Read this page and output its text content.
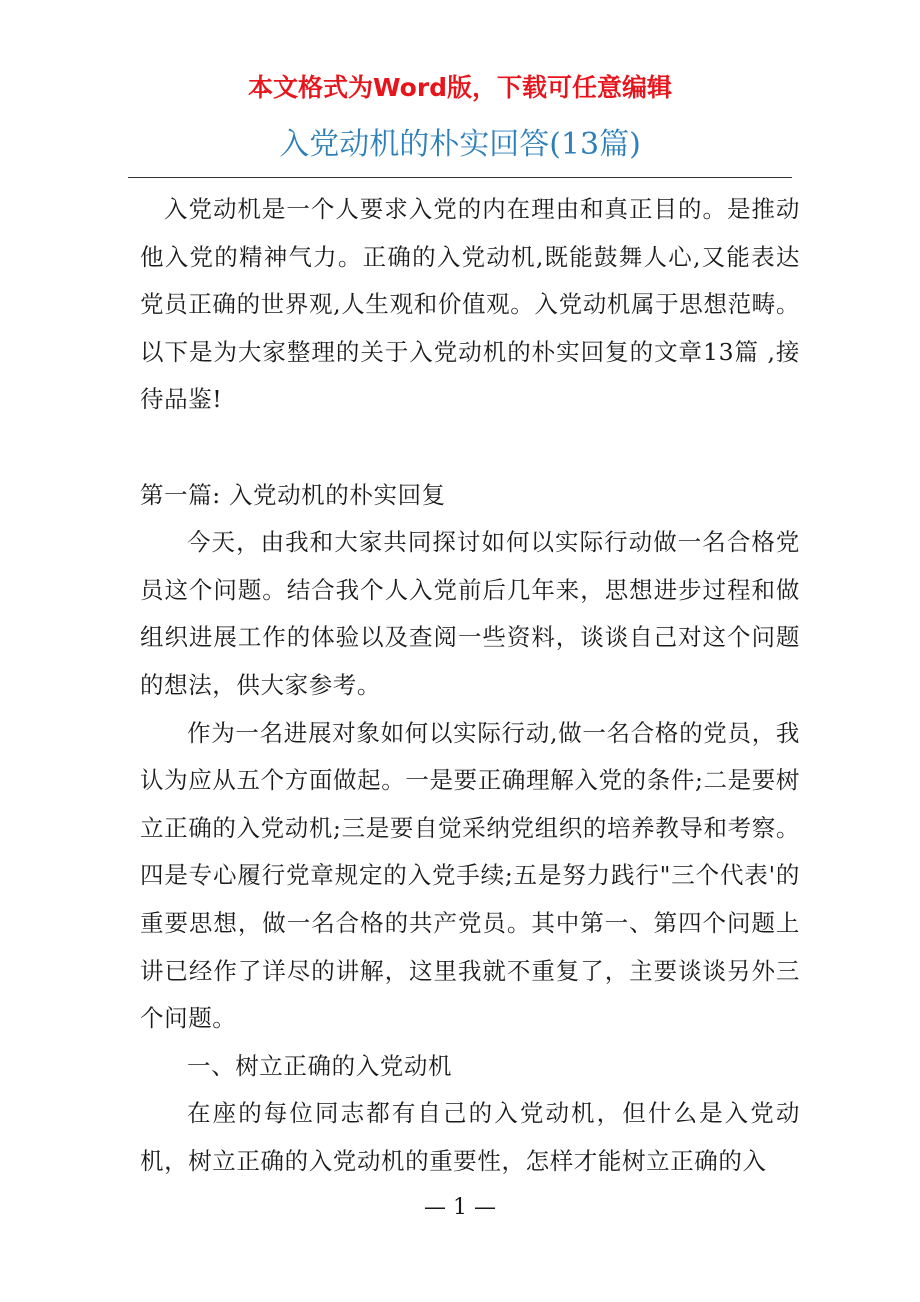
本文格式为Word版，下载可任意编辑
入党动机的朴实回答(13篇)

入党动机是一个人要求入党的内在理由和真正目的。是推动他入党的精神气力。正确的入党动机,既能鼓舞人心,又能表达党员正确的世界观,人生观和价值观。入党动机属于思想范畴。 以下是为大家整理的关于入党动机的朴实回复的文章13篇 ,接待品鉴!

第一篇: 入党动机的朴实回复

今天，由我和大家共同探讨如何以实际行动做一名合格党员这个问题。结合我个人入党前后几年来，思想进步过程和做组织进展工作的体验以及查阅一些资料，谈谈自己对这个问题的想法，供大家参考。

作为一名进展对象如何以实际行动,做一名合格的党员，我认为应从五个方面做起。一是要正确理解入党的条件;二是要树立正确的入党动机;三是要自觉采纳党组织的培养教导和考察。四是专心履行党章规定的入党手续;五是努力践行"三个代表'的重要思想，做一名合格的共产党员。其中第一、第四个问题上讲已经作了详尽的讲解，这里我就不重复了，主要谈谈另外三个问题。

一、树立正确的入党动机

在座的每位同志都有自己的入党动机，但什么是入党动机，树立正确的入党动机的重要性，怎样才能树立正确的入

— 1 —
